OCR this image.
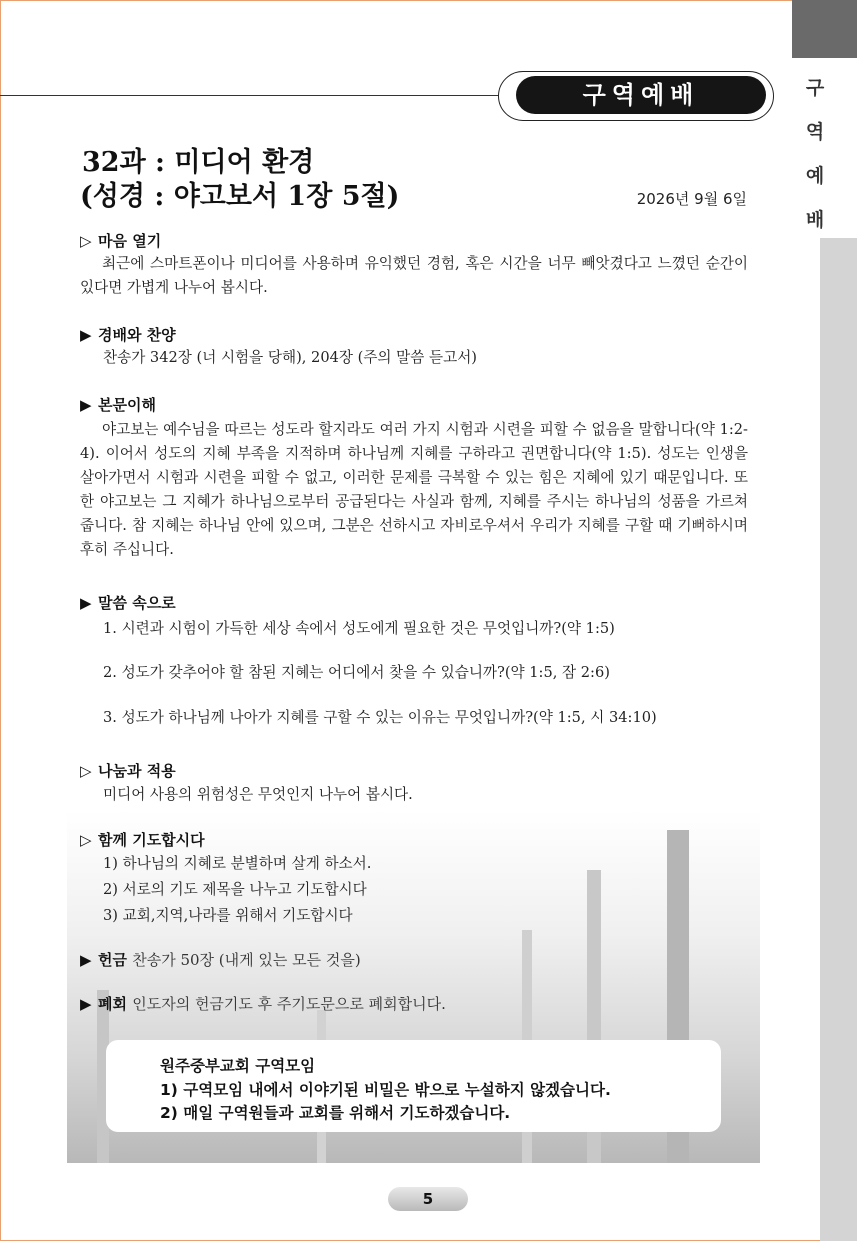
구
역
예
배
구역예배
32과 : 미디어 환경
(성경 : 야고보서 1장 5절)	2026년 9월 6일
▷ 마음 열기
최근에 스마트폰이나 미디어를 사용하며 유익했던 경험, 혹은 시간을 너무 빼앗겼다고 느꼈던 순간이 있다면 가볍게 나누어 봅시다.
▶ 경배와 찬양
찬송가 342장 (너 시험을 당해), 204장 (주의 말씀 듣고서)
▶ 본문이해
야고보는 예수님을 따르는 성도라 할지라도 여러 가지 시험과 시련을 피할 수 없음을 말합니다(약 1:2-4). 이어서 성도의 지혜 부족을 지적하며 하나님께 지혜를 구하라고 권면합니다(약 1:5). 성도는 인생을 살아가면서 시험과 시련을 피할 수 없고, 이러한 문제를 극복할 수 있는 힘은 지혜에 있기 때문입니다. 또한 야고보는 그 지혜가 하나님으로부터 공급된다는 사실과 함께, 지혜를 주시는 하나님의 성품을 가르쳐 줍니다. 참 지혜는 하나님 안에 있으며, 그분은 선하시고 자비로우셔서 우리가 지혜를 구할 때 기뻐하시며 후히 주십니다.
▶ 말씀 속으로
1. 시련과 시험이 가득한 세상 속에서 성도에게 필요한 것은 무엇입니까?(약 1:5)
2. 성도가 갖추어야 할 참된 지혜는 어디에서 찾을 수 있습니까?(약 1:5, 잠 2:6)
3. 성도가 하나님께 나아가 지혜를 구할 수 있는 이유는 무엇입니까?(약 1:5, 시 34:10)
▷ 나눔과 적용
미디어 사용의 위험성은 무엇인지 나누어 봅시다.
▷ 함께 기도합시다
1) 하나님의 지혜로 분별하며 살게 하소서.
2) 서로의 기도 제목을 나누고 기도합시다
3) 교회,지역,나라를 위해서 기도합시다
▶ 헌금 찬송가 50장 (내게 있는 모든 것을)
▶ 폐회 인도자의 헌금기도 후 주기도문으로 폐회합니다.
원주중부교회 구역모임
1) 구역모임 내에서 이야기된 비밀은 밖으로 누설하지 않겠습니다.
2) 매일 구역원들과 교회를 위해서 기도하겠습니다.
5
